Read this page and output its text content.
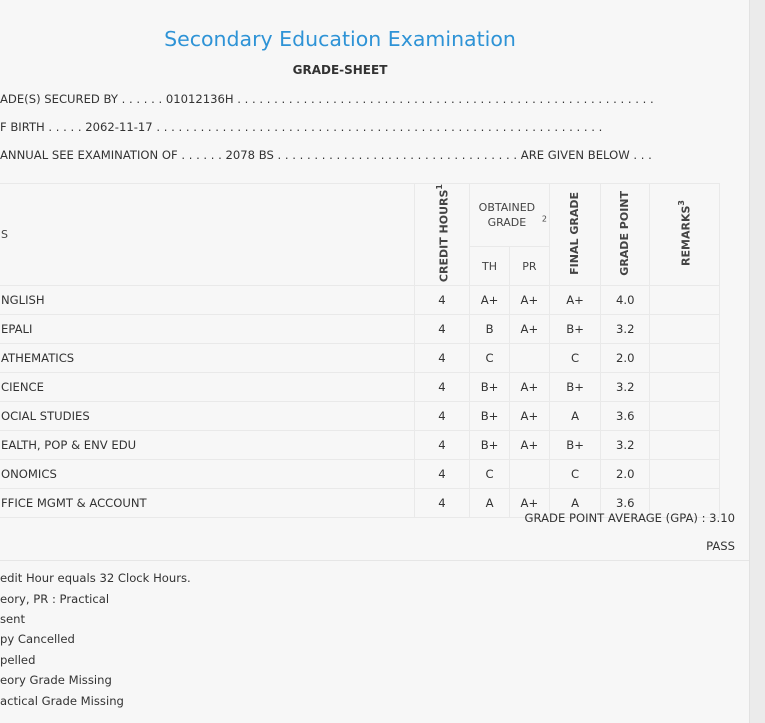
Secondary Education Examination
GRADE-SHEET
ADE(S) SECURED BY . . . . . . 01012136H . . . . . . . . . . . . . . . . . . . . . . . . . . . . . . . . . . . . . . . . . . . . . . . . . . . . . . . . .
F BIRTH . . . . . 2062-11-17 . . . . . . . . . . . . . . . . . . . . . . . . . . . . . . . . . . . . . . . . . . . . . . . . . . . . . . . . . . . . .
ANNUAL SEE EXAMINATION OF . . . . . . 2078 BS . . . . . . . . . . . . . . . . . . . . . . . . . . . . . . . . . ARE GIVEN BELOW . . .
S	CREDIT HOURS$^1$	OBTAINED GRADE $^2$		FINAL GRADE	GRADE POINT	REMARKS$^3$
		TH	PR			
NGLISH	4	A+	A+	A+	4.0	
EPALI	4	B	A+	B+	3.2	
ATHEMATICS	4	C		C	2.0	
CIENCE	4	B+	A+	B+	3.2	
OCIAL STUDIES	4	B+	A+	A	3.6	
EALTH, POP & ENV EDU	4	B+	A+	B+	3.2	
ONOMICS	4	C		C	2.0	
FFICE MGMT & ACCOUNT	4	A	A+	A	3.6	
GRADE POINT AVERAGE (GPA) : 3.10
PASS
edit Hour equals 32 Clock Hours.
eory, PR : Practical
sent
py Cancelled
pelled
eory Grade Missing
actical Grade Missing
